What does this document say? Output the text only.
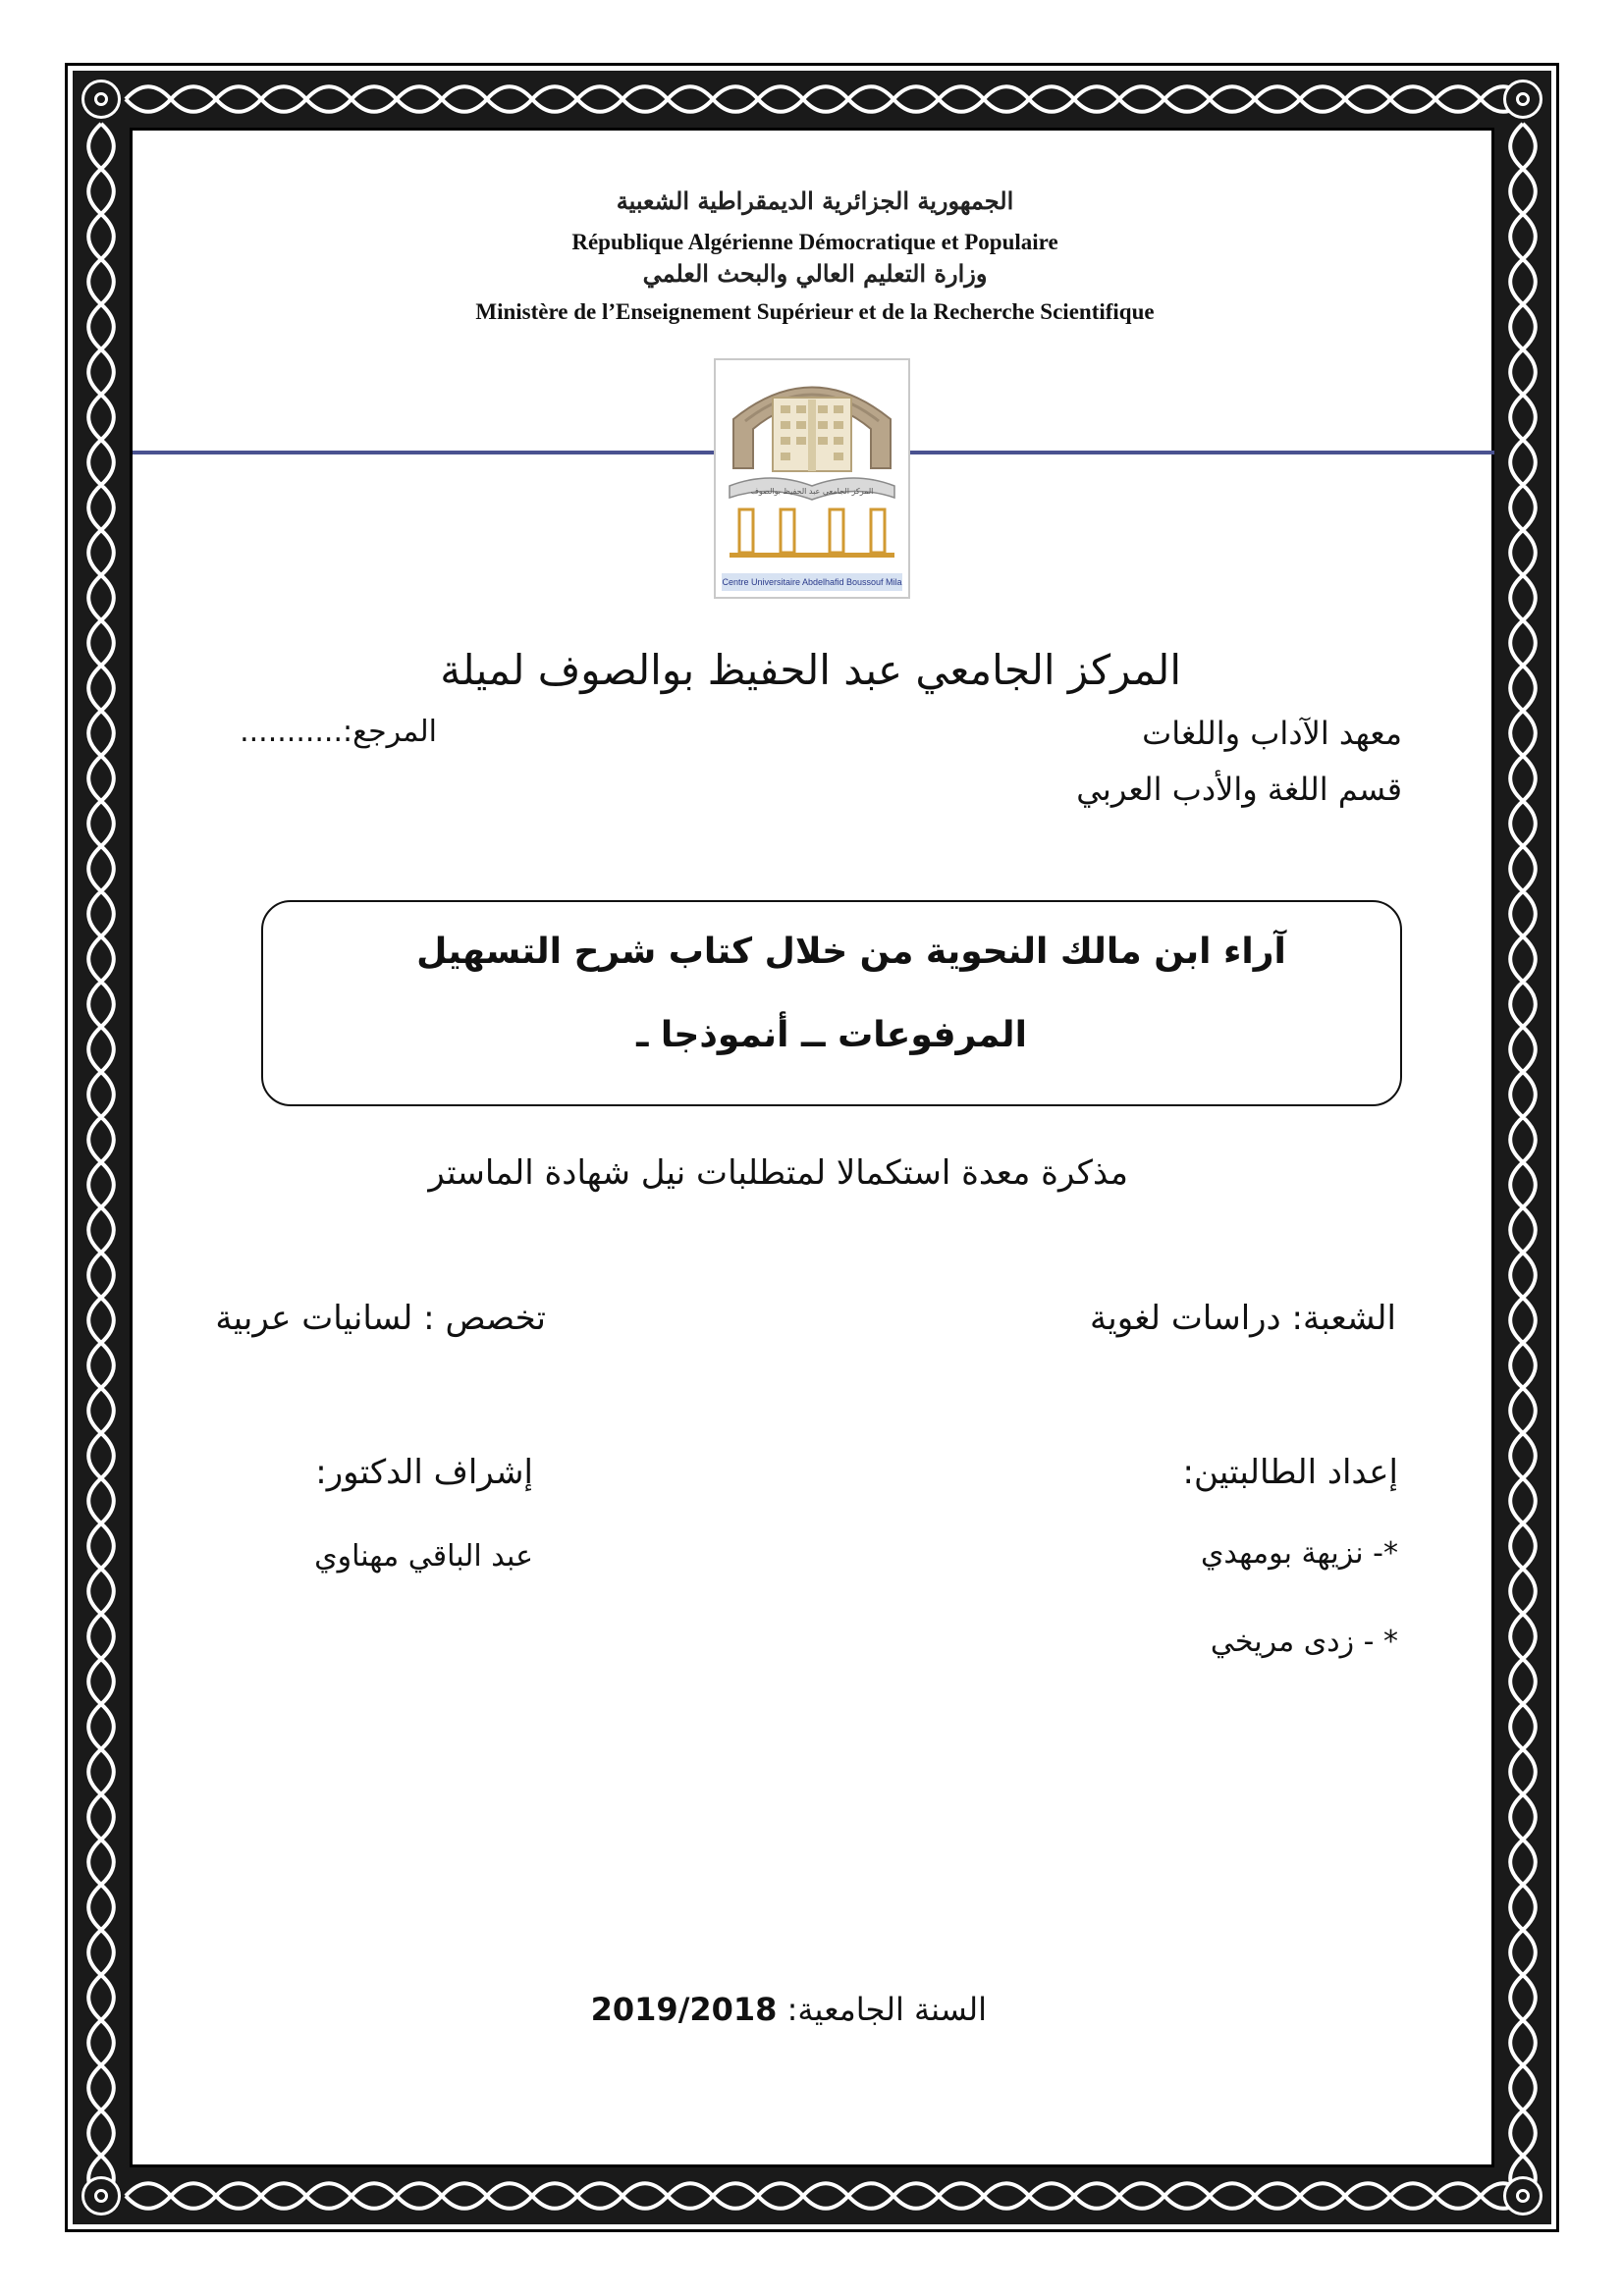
ﺍﻟﺠﻤﻬﻮﺭﻳﺔ ﺍﻟﺠﺰﺍﺋﺮﻳﺔ ﺍﻟﺪﻳﻤﻘﺮﺍﻃﻴﺔ ﺍﻟﺸﻌﺒﻴﺔ
République Algérienne Démocratique et Populaire
ﻭﺯﺍﺭﺓ ﺍﻟﺘﻌﻠﻴﻢ ﺍﻟﻌﺎﻟﻲ ﻭﺍﻟﺒﺤﺚ ﺍﻟﻌﻠﻤﻲ
Ministère de l’Enseignement Supérieur et de la Recherche Scientifique
المركز الجامعي عبد الحفيظ بوالصوف
Centre Universitaire Abdelhafid Boussouf Mila
المركز الجامعي عبد الحفيظ بوالصوف لميلة
معهد الآداب واللغات
المرجع:...........
قسم اللغة والأدب العربي
آراء ابن مالك النحوية من خلال كتاب شرح التسهيل
المرفوعات ــ أنموذجا ـ
مذكرة معدة استكمالا لمتطلبات نيل شهادة الماستر
الشعبة: دراسات لغوية
تخصص : لسانيات عربية
إعداد الطالبتين:
إشراف الدكتور:
*- نزيهة بومهدي
عبد الباقي مهناوي
* - زدى مريخي
السنة الجامعية: 2019/2018
